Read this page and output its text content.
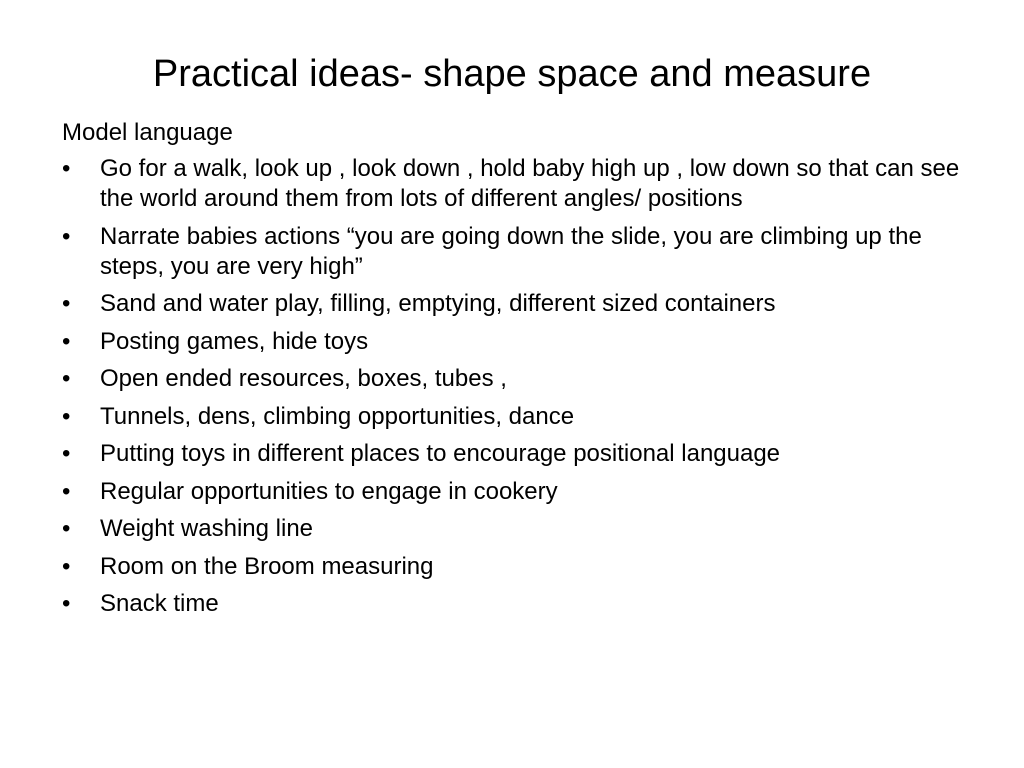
Practical ideas- shape space and measure

Model language

•	Go for a walk, look up , look down , hold baby high up , low down so that can see the world around them from lots of different angles/ positions
•	Narrate babies actions “you are going down the slide, you are climbing up the steps, you are very high”
•	Sand and water play, filling, emptying, different sized containers
•	Posting games, hide toys
•	Open ended resources, boxes, tubes ,
•	Tunnels, dens, climbing opportunities, dance
•	Putting toys in different places to encourage positional language
•	Regular opportunities to engage in cookery
•	Weight washing line
•	Room on the Broom measuring
•	Snack time
